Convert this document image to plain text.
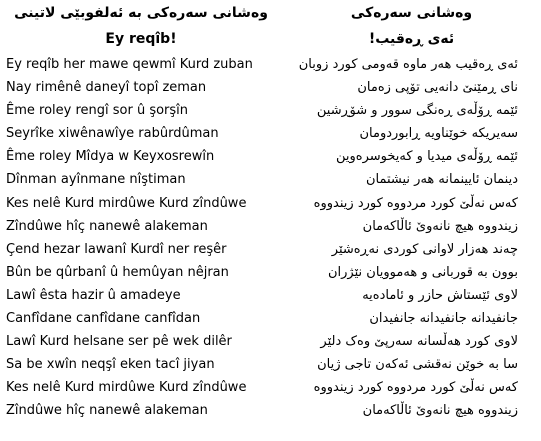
وەشانی سەرەکی بە ئەلفوبێی لاتینی
Ey reqîb!
Ey reqîb her mawe qewmî Kurd zuban
Nay rimênê daneyî topî zeman
Ême roley rengî sor û şorşîn
Seyrîke xiwênawîye rabûrdûman
Ême roley Mîdya w Keyxosrewîn
Dînman ayînmane nîştiman
Kes nelê Kurd mirdûwe Kurd zîndûwe
Zîndûwe hîç nanewê alakeman
Çend hezar lawanî Kurdî ner reşêr
Bûn be qûrbanî û hemûyan nêjran
Lawî êsta hazir û amadeye
Canfîdane canfîdane canfîdan
Lawî Kurd helsane ser pê wek dilêr
Sa be xwîn neqşî eken tacî jiyan
Kes nelê Kurd mirdûwe Kurd zîndûwe
Zîndûwe hîç nanewê alakeman
وەشانی سەرەکی
ئەی ڕەقیب!
ئەی ڕەقیب هەر ماوە قەومی کورد زوبان
نای ڕمێنێ دانەیی تۆپی زەمان
ئێمە ڕۆڵەی ڕەنگی سوور و شۆڕشین
سەیریکە خوێناویە ڕابوردومان
ئێمە ڕۆڵەی میدیا و کەیخوسرەوین
دینمان ئایینمانە هەر نیشتمان
کەس نەڵێ کورد مردووە کورد زیندووە
زیندووە هیچ نانەوێ ئاڵاکەمان
چەند هەزار لاوانی کوردی نەڕەشێر
بوون بە قوربانی و هەموویان نێژران
لاوی ئێستاش حازر و ئامادەیە
جانفیدانە جانفیدانە جانفیدان
لاوی کورد هەڵسانە سەرپێ وەک دلێر
سا بە خوێن نەقشی ئەکەن تاجی ژیان
کەس نەڵێ کورد مردووە کورد زیندووە
زیندووە هیچ نانەوێ ئاڵاکەمان
